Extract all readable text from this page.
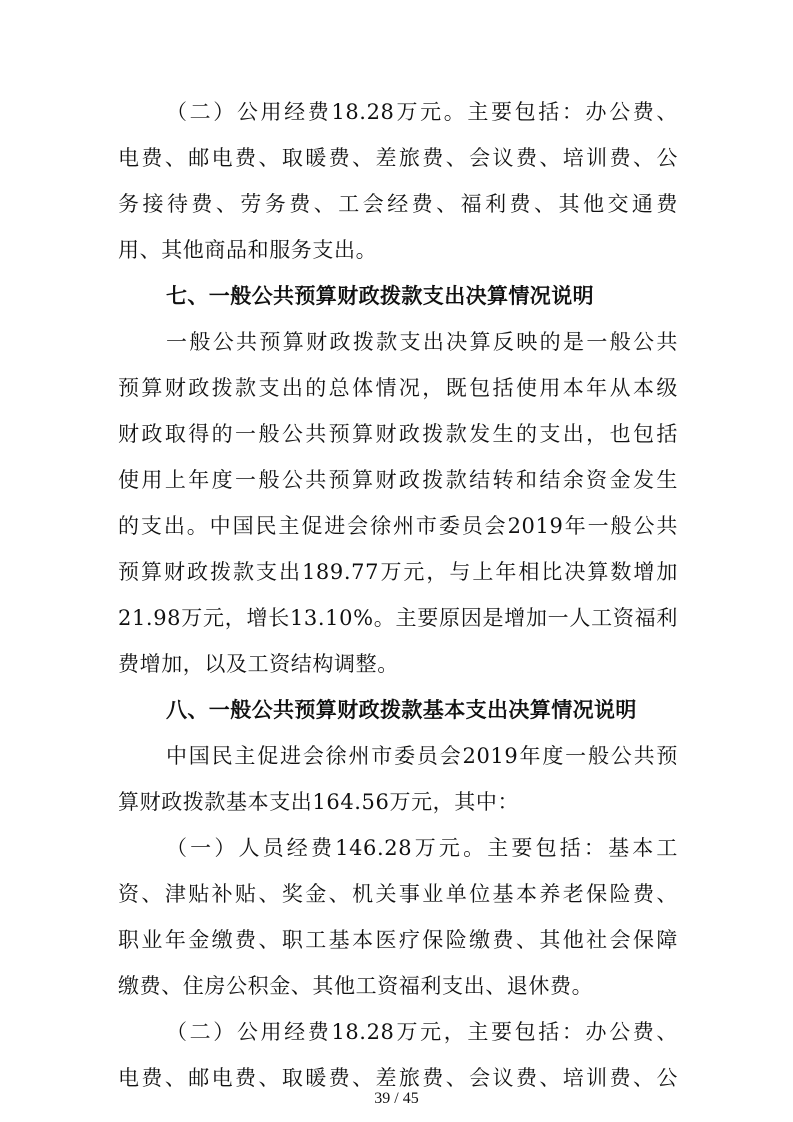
（二）公用经费18.28万元。主要包括：办公费、
电费、邮电费、取暖费、差旅费、会议费、培训费、公
务接待费、劳务费、工会经费、福利费、其他交通费
用、其他商品和服务支出。
七、一般公共预算财政拨款支出决算情况说明
一般公共预算财政拨款支出决算反映的是一般公共
预算财政拨款支出的总体情况，既包括使用本年从本级
财政取得的一般公共预算财政拨款发生的支出，也包括
使用上年度一般公共预算财政拨款结转和结余资金发生
的支出。中国民主促进会徐州市委员会2019年一般公共
预算财政拨款支出189.77万元，与上年相比决算数增加
21.98万元，增长13.10%。主要原因是增加一人工资福利
费增加，以及工资结构调整。
八、一般公共预算财政拨款基本支出决算情况说明
中国民主促进会徐州市委员会2019年度一般公共预
算财政拨款基本支出164.56万元，其中：
（一）人员经费146.28万元。主要包括：基本工
资、津贴补贴、奖金、机关事业单位基本养老保险费、
职业年金缴费、职工基本医疗保险缴费、其他社会保障
缴费、住房公积金、其他工资福利支出、退休费。
（二）公用经费18.28万元，主要包括：办公费、
电费、邮电费、取暖费、差旅费、会议费、培训费、公
39 / 45
